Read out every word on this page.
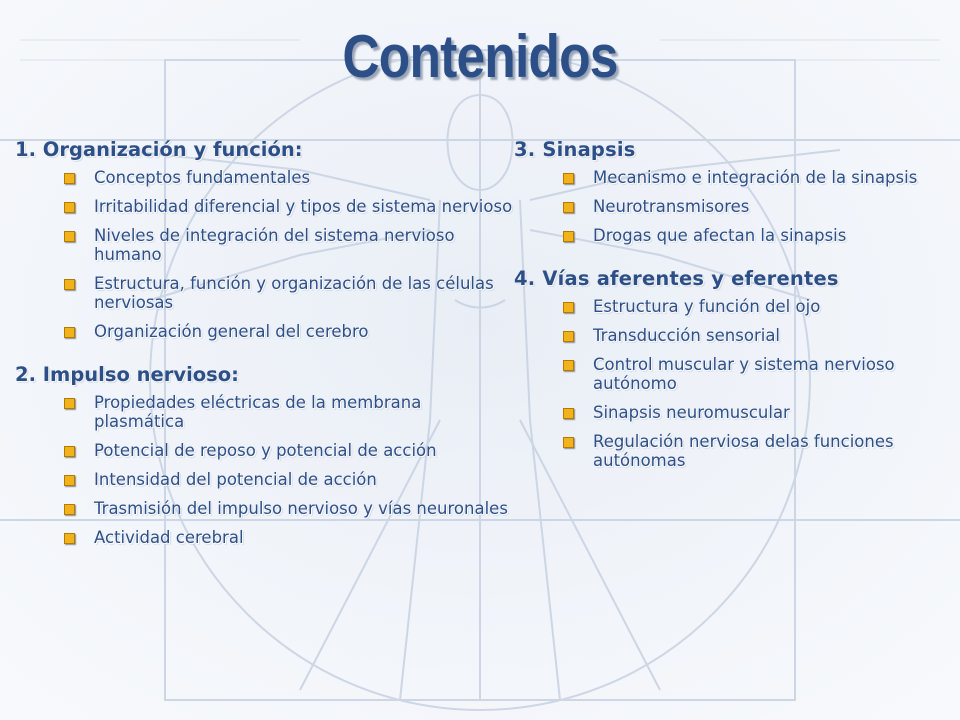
Contenidos
1. Organización y función:
Conceptos fundamentales
Irritabilidad diferencial y tipos de sistema nervioso
Niveles de integración del sistema nervioso humano
Estructura, función y organización de las células nerviosas
Organización general del cerebro
2. Impulso nervioso:
Propiedades eléctricas de la membrana plasmática
Potencial de reposo y potencial de acción
Intensidad del potencial de acción
Trasmisión del impulso nervioso y vías neuronales
Actividad cerebral
3. Sinapsis
Mecanismo e integración de la sinapsis
Neurotransmisores
Drogas que afectan la sinapsis
4. Vías aferentes y eferentes
Estructura y función del ojo
Transducción sensorial
Control muscular y sistema nervioso autónomo
Sinapsis neuromuscular
Regulación nerviosa delas funciones autónomas
